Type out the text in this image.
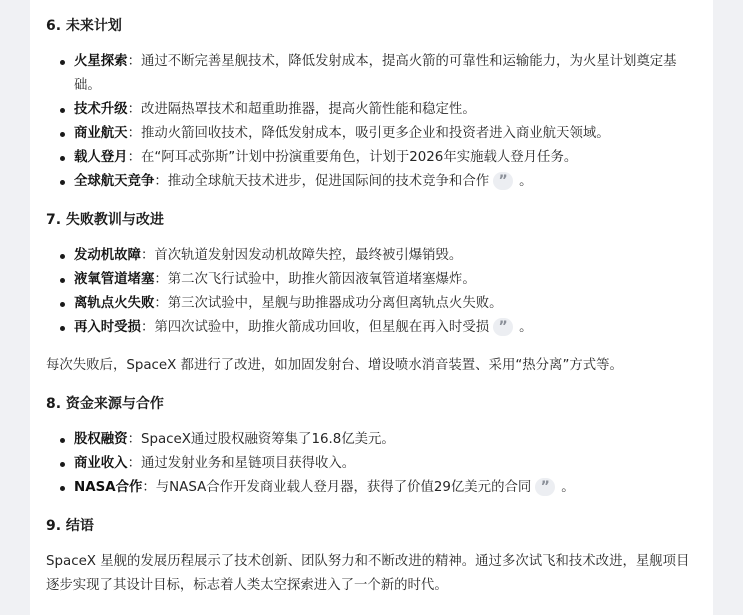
6. 未来计划
火星探索：通过不断完善星舰技术，降低发射成本，提高火箭的可靠性和运输能力，为火星计划奠定基础。
技术升级：改进隔热罩技术和超重助推器，提高火箭性能和稳定性。
商业航天：推动火箭回收技术，降低发射成本，吸引更多企业和投资者进入商业航天领域。
载人登月：在“阿耳忒弥斯”计划中扮演重要角色，计划于2026年实施载人登月任务。
全球航天竞争：推动全球航天技术进步，促进国际间的技术竞争和合作 ” 。
7. 失败教训与改进
发动机故障：首次轨道发射因发动机故障失控，最终被引爆销毁。
液氧管道堵塞：第二次飞行试验中，助推火箭因液氧管道堵塞爆炸。
离轨点火失败：第三次试验中，星舰与助推器成功分离但离轨点火失败。
再入时受损：第四次试验中，助推火箭成功回收，但星舰在再入时受损 ” 。

每次失败后，SpaceX 都进行了改进，如加固发射台、增设喷水消音装置、采用“热分离”方式等。

8. 资金来源与合作
股权融资：SpaceX通过股权融资筹集了16.8亿美元。
商业收入：通过发射业务和星链项目获得收入。
NASA合作：与NASA合作开发商业载人登月器，获得了价值29亿美元的合同 ” 。
9. 结语

SpaceX 星舰的发展历程展示了技术创新、团队努力和不断改进的精神。通过多次试飞和技术改进，星舰项目逐步实现了其设计目标，标志着人类太空探索进入了一个新的时代。
